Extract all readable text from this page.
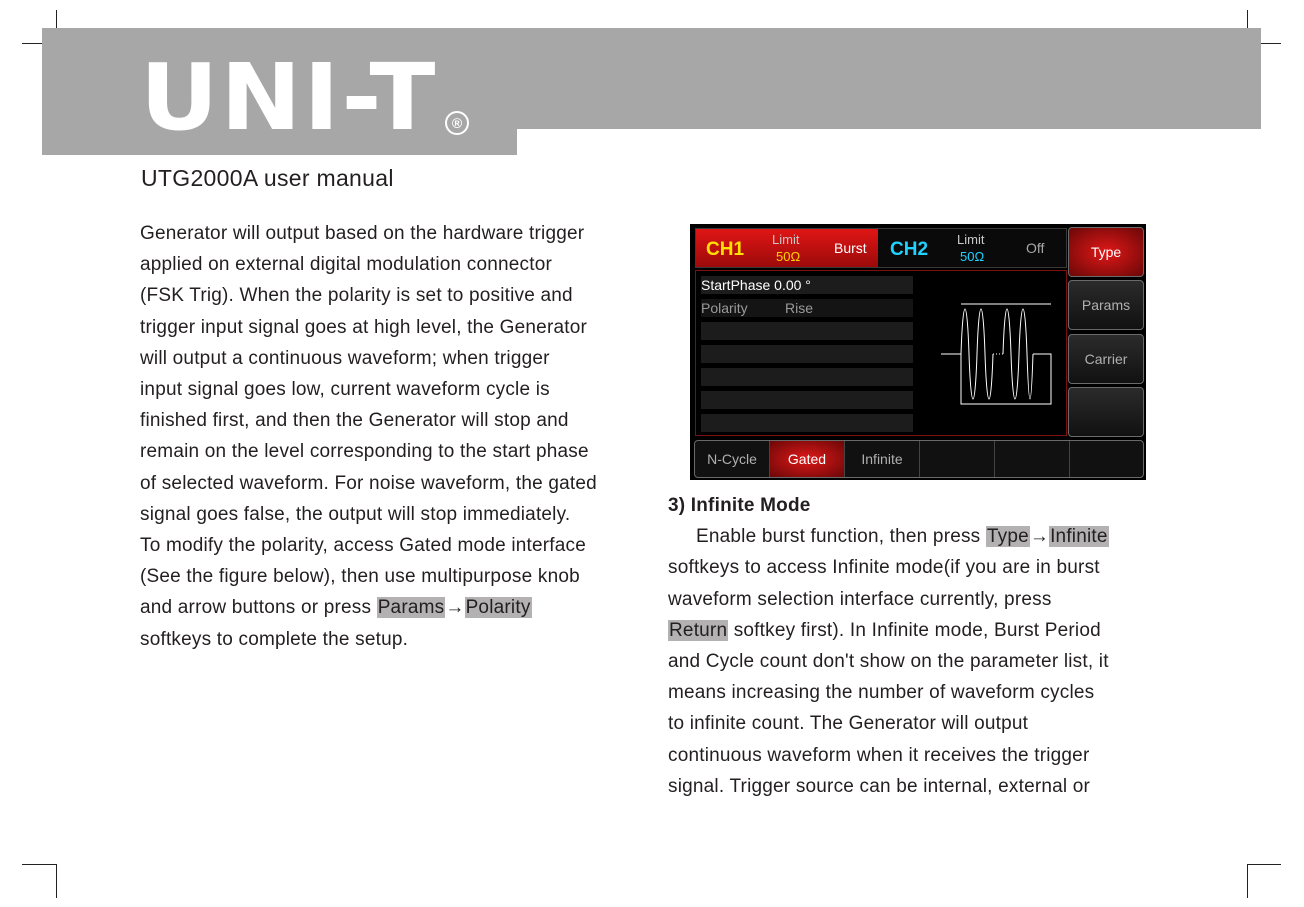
UNI-T	®
UTG2000A user manual

Generator will output based on the hardware trigger

applied on external digital modulation connector

(FSK Trig). When the polarity is set to positive and

trigger input signal goes at high level, the Generator

will output a continuous waveform; when trigger

input signal goes low, current waveform cycle is

finished first, and then the Generator will stop and

remain on the level corresponding to the start phase

of selected waveform. For noise waveform, the gated

signal goes false, the output will stop immediately.

To modify the polarity, access Gated mode interface

(See the figure below), then use multipurpose knob

and arrow buttons or press Params→Polarity

softkeys to complete the setup.

CH1 Limit
50Ω
Burst CH2 Limit
50Ω
Off
StartPhase 0.00 °
Polarity	Rise
Type
Params
Carrier
N-Cycle	Gated	Infinite

3) Infinite Mode

Enable burst function, then press Type→Infinite

softkeys to access Infinite mode(if you are in burst

waveform selection interface currently, press

Return softkey first). In Infinite mode, Burst Period

and Cycle count don't show on the parameter list, it

means increasing the number of waveform cycles

to infinite count. The Generator will output

continuous waveform when it receives the trigger

signal. Trigger source can be internal, external or
